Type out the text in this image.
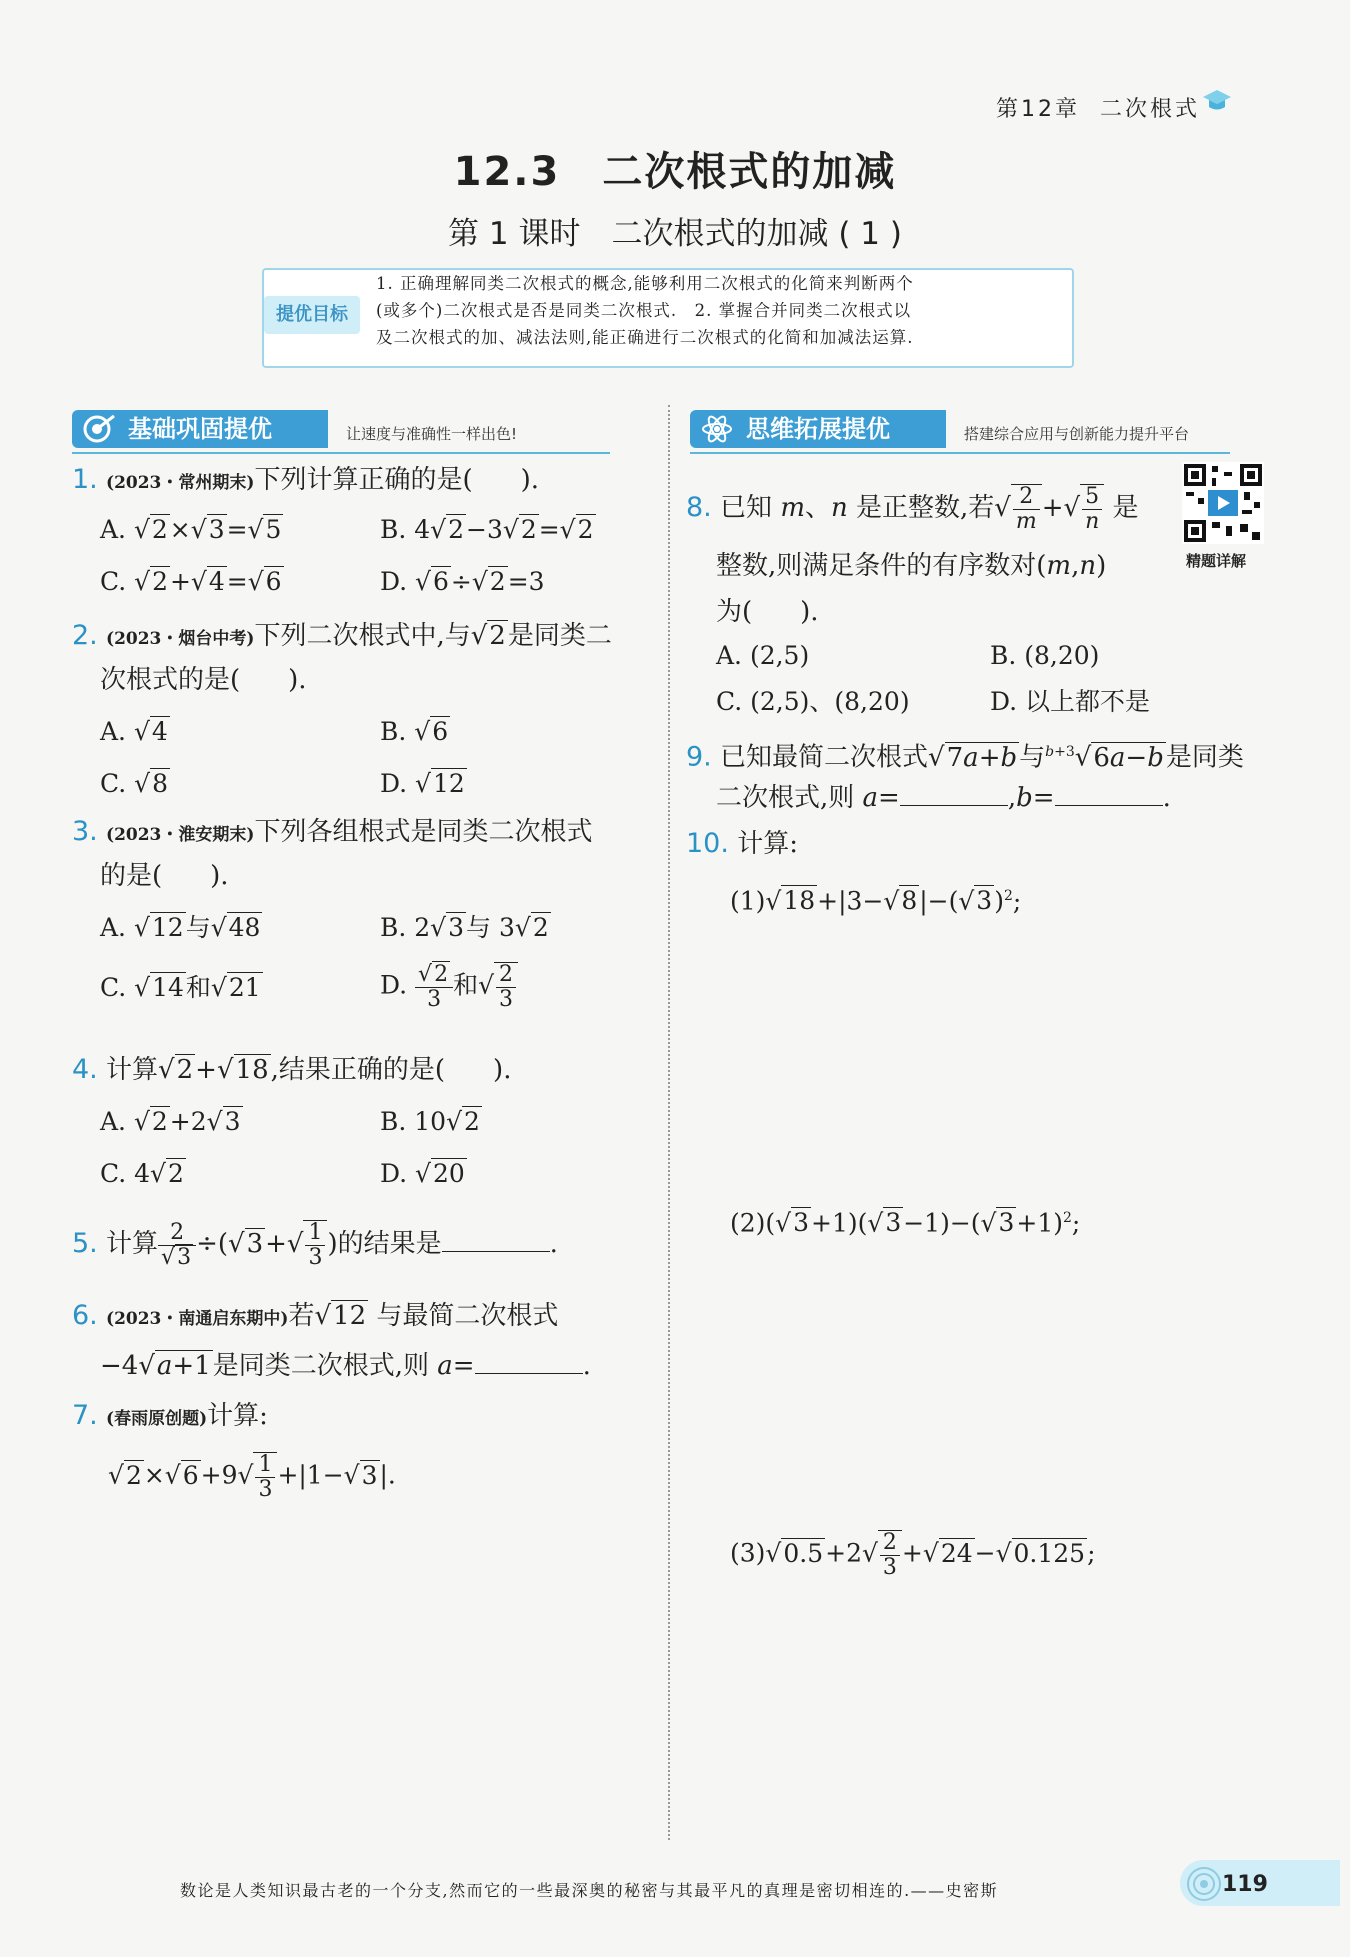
第12章 二次根式
12.3　二次根式的加减
第 1 课时　二次根式的加减 ( 1 )
提优目标
1. 正确理解同类二次根式的概念,能够利用二次根式的化简来判断两个
(或多个)二次根式是否是同类二次根式.　2. 掌握合并同类二次根式以
及二次根式的加、减法法则,能正确进行二次根式的化简和加减法运算.
基础巩固提优	让速度与准确性一样出色!	思维拓展提优	搭建综合应用与创新能力提升平台
1. (2023・常州期末)下列计算正确的是( ).
A. √2×√3=√5	B. 4√2−3√2=√2
C. √2+√4=√6	D. √6÷√2=3
2. (2023・烟台中考)下列二次根式中,与√2是同类二
次根式的是( ).
A. √4	B. √6
C. √8	D. √12
3. (2023・淮安期末)下列各组根式是同类二次根式
的是( ).
A. √12与√48	B. 2√3与 3√2
C. √14和√21	D. $\frac{√2}{3}$ 和√ $\frac{2}{3}$
4. 计算√2+√18,结果正确的是( ).
A. √2+2√3	B. 10√2
C. 4√2	D. √20
5. 计算 $\frac{2}{√3} \div(√3+√ \frac{1}{3}$ )的结果是	.
6. (2023・南通启东期中)若√12 与最简二次根式
−4√a+1是同类二次根式,则 a=	.
7. (春雨原创题)计算:
$√2\times√6+9√ \frac{1}{3} +|1-√3|$.
8. 已知 m、n 是正整数,若√ $\frac{2}{m}$ +√ $\frac{5}{n}$ 是
精题详解
整数,则满足条件的有序数对(m,n)
为( ).
A. (2,5)	B. (8,20)
C. (2,5)、(8,20)	D. 以上都不是
9. 已知最简二次根式√7a+b与$^{b+3}$√6a−b是同类
二次根式,则 a=	,b=	.
10. 计算:
$(1)√18+|3-√8|-(√3)^2$;
$(2)(√3+1)(√3-1)-(√3+1)^2$;
$(3)√0.5+2√ \frac{2}{3} +√24-√0.125$;
数论是人类知识最古老的一个分支,然而它的一些最深奥的秘密与其最平凡的真理是密切相连的.——史密斯	119
